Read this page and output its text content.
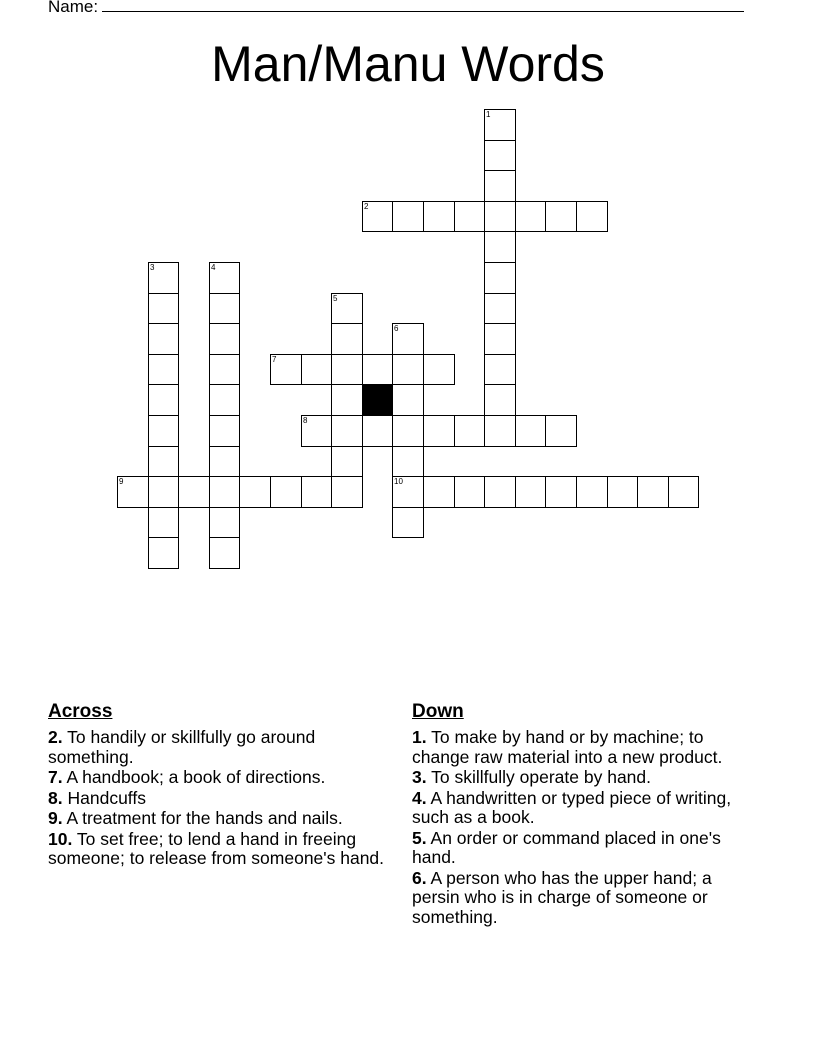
Name:
Man/Manu Words
1
2
3	4
5
6
10
7
8
9
Across
2. To handily or skillfully go around something.
7. A handbook; a book of directions.
8. Handcuffs
9. A treatment for the hands and nails.
10. To set free; to lend a hand in freeing someone; to release from someone's hand.
Down
1. To make by hand or by machine; to change raw material into a new product.
3. To skillfully operate by hand.
4. A handwritten or typed piece of writing, such as a book.
5. An order or command placed in one's hand.
6. A person who has the upper hand; a persin who is in charge of someone or something.
